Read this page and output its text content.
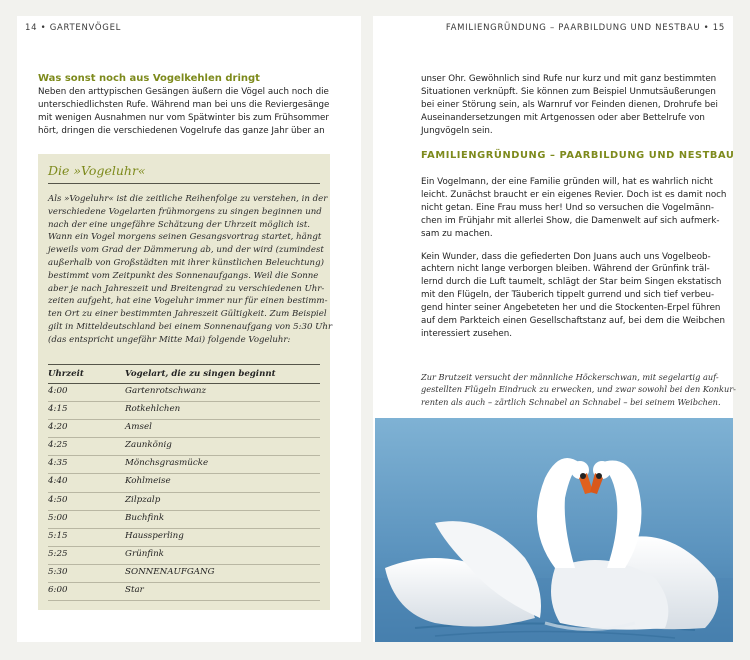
14 • GARTENVÖGEL
Was sonst noch aus Vogelkehlen dringt
Neben den arttypischen Gesängen äußern die Vögel auch noch die
unterschiedlichsten Rufe. Während man bei uns die Reviergesänge
mit wenigen Ausnahmen nur vom Spätwinter bis zum Frühsommer
hört, dringen die verschiedenen Vogelrufe das ganze Jahr über an
Die »Vogeluhr«
Als »Vogeluhr« ist die zeitliche Reihenfolge zu verstehen, in der
verschiedene Vogelarten frühmorgens zu singen beginnen und
nach der eine ungefähre Schätzung der Uhrzeit möglich ist.
Wann ein Vogel morgens seinen Gesangsvortrag startet, hängt
jeweils vom Grad der Dämmerung ab, und der wird (zumindest
außerhalb von Großstädten mit ihrer künstlichen Beleuchtung)
bestimmt vom Zeitpunkt des Sonnenaufgangs. Weil die Sonne
aber je nach Jahreszeit und Breitengrad zu verschiedenen Uhr-
zeiten aufgeht, hat eine Vogeluhr immer nur für einen bestimm-
ten Ort zu einer bestimmten Jahreszeit Gültigkeit. Zum Beispiel
gilt in Mitteldeutschland bei einem Sonnenaufgang von 5:30 Uhr
(das entspricht ungefähr Mitte Mai) folgende Vogeluhr:
Uhrzeit	Vogelart, die zu singen beginnt
4:00	Gartenrotschwanz
4:15	Rotkehlchen
4:20	Amsel
4:25	Zaunkönig
4:35	Mönchsgrasmücke
4:40	Kohlmeise
4:50	Zilpzalp
5:00	Buchfink
5:15	Haussperling
5:25	Grünfink
5:30	SONNENAUFGANG
6:00	Star
FAMILIENGRÜNDUNG – PAARBILDUNG UND NESTBAU • 15
unser Ohr. Gewöhnlich sind Rufe nur kurz und mit ganz bestimmten
Situationen verknüpft. Sie können zum Beispiel Unmutsäußerungen
bei einer Störung sein, als Warnruf vor Feinden dienen, Drohrufe bei
Auseinandersetzungen mit Artgenossen oder aber Bettelrufe von
Jungvögeln sein.
FAMILIENGRÜNDUNG – PAARBILDUNG UND NESTBAU
Ein Vogelmann, der eine Familie gründen will, hat es wahrlich nicht
leicht. Zunächst braucht er ein eigenes Revier. Doch ist es damit noch
nicht getan. Eine Frau muss her! Und so versuchen die Vogelmänn-
chen im Frühjahr mit allerlei Show, die Damenwelt auf sich aufmerk-
sam zu machen.
Kein Wunder, dass die gefiederten Don Juans auch uns Vogelbeob-
achtern nicht lange verborgen bleiben. Während der Grünfink träl-
lernd durch die Luft taumelt, schlägt der Star beim Singen ekstatisch
mit den Flügeln, der Täuberich tippelt gurrend und sich tief verbeu-
gend hinter seiner Angebeteten her und die Stockenten-Erpel führen
auf dem Parkteich einen Gesellschaftstanz auf, bei dem die Weibchen
interessiert zusehen.
Zur Brutzeit versucht der männliche Höckerschwan, mit segelartig auf-
gestellten Flügeln Eindruck zu erwecken, und zwar sowohl bei den Konkur-
renten als auch – zärtlich Schnabel an Schnabel – bei seinem Weibchen.
